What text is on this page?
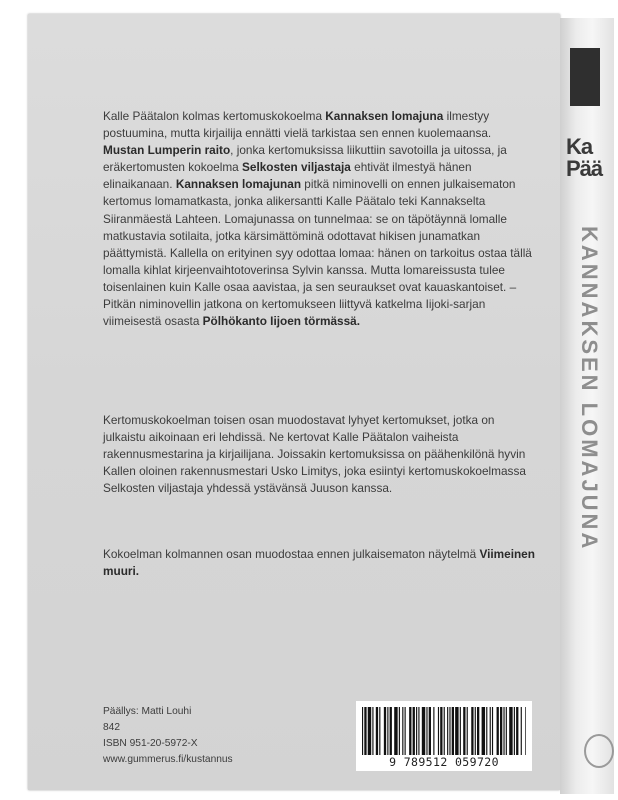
Ka
Pää
KANNAKSEN LOMAJUNA

Kalle Päätalon kolmas kertomuskokoelma Kannaksen lomajuna ilmestyy postuumina, mutta kirjailija ennätti vielä tarkistaa sen ennen kuolemaansa. Mustan Lumperin raito, jonka kertomuksissa liikuttiin savotoilla ja uitossa, ja eräkertomusten kokoelma Selkosten viljastaja ehtivät ilmestyä hänen elinaikanaan. Kannaksen lomajunan pitkä niminovelli on ennen julkaisematon kertomus lomamatkasta, jonka alikersantti Kalle Päätalo teki Kannakselta Siiranmäestä Lahteen. Lomajunassa on tunnelmaa: se on täpötäynnä lomalle matkustavia sotilaita, jotka kärsimättöminä odottavat hikisen junamatkan päättymistä. Kallella on erityinen syy odottaa lomaa: hänen on tarkoitus ostaa tällä lomalla kihlat kirjeenvaihtotoverinsa Sylvin kanssa. Mutta lomareissusta tulee toisenlainen kuin Kalle osaa aavistaa, ja sen seuraukset ovat kauaskantoiset. – Pitkän niminovellin jatkona on kertomukseen liittyvä katkelma Iijoki-sarjan viimeisestä osasta Pölhökanto Iijoen törmässä.

Kertomuskokoelman toisen osan muodostavat lyhyet kertomukset, jotka on julkaistu aikoinaan eri lehdissä. Ne kertovat Kalle Päätalon vaiheista rakennusmestarina ja kirjailijana. Joissakin kertomuksissa on päähenkilönä hyvin Kallen oloinen rakennusmestari Usko Limitys, joka esiintyi kertomuskokoelmassa Selkosten viljastaja yhdessä ystävänsä Juuson kanssa.

Kokoelman kolmannen osan muodostaa ennen julkaisematon näytelmä Viimeinen muuri.

Päällys: Matti Louhi
842
ISBN 951-20-5972-X
www.gummerus.fi/kustannus	9 789512 059720
